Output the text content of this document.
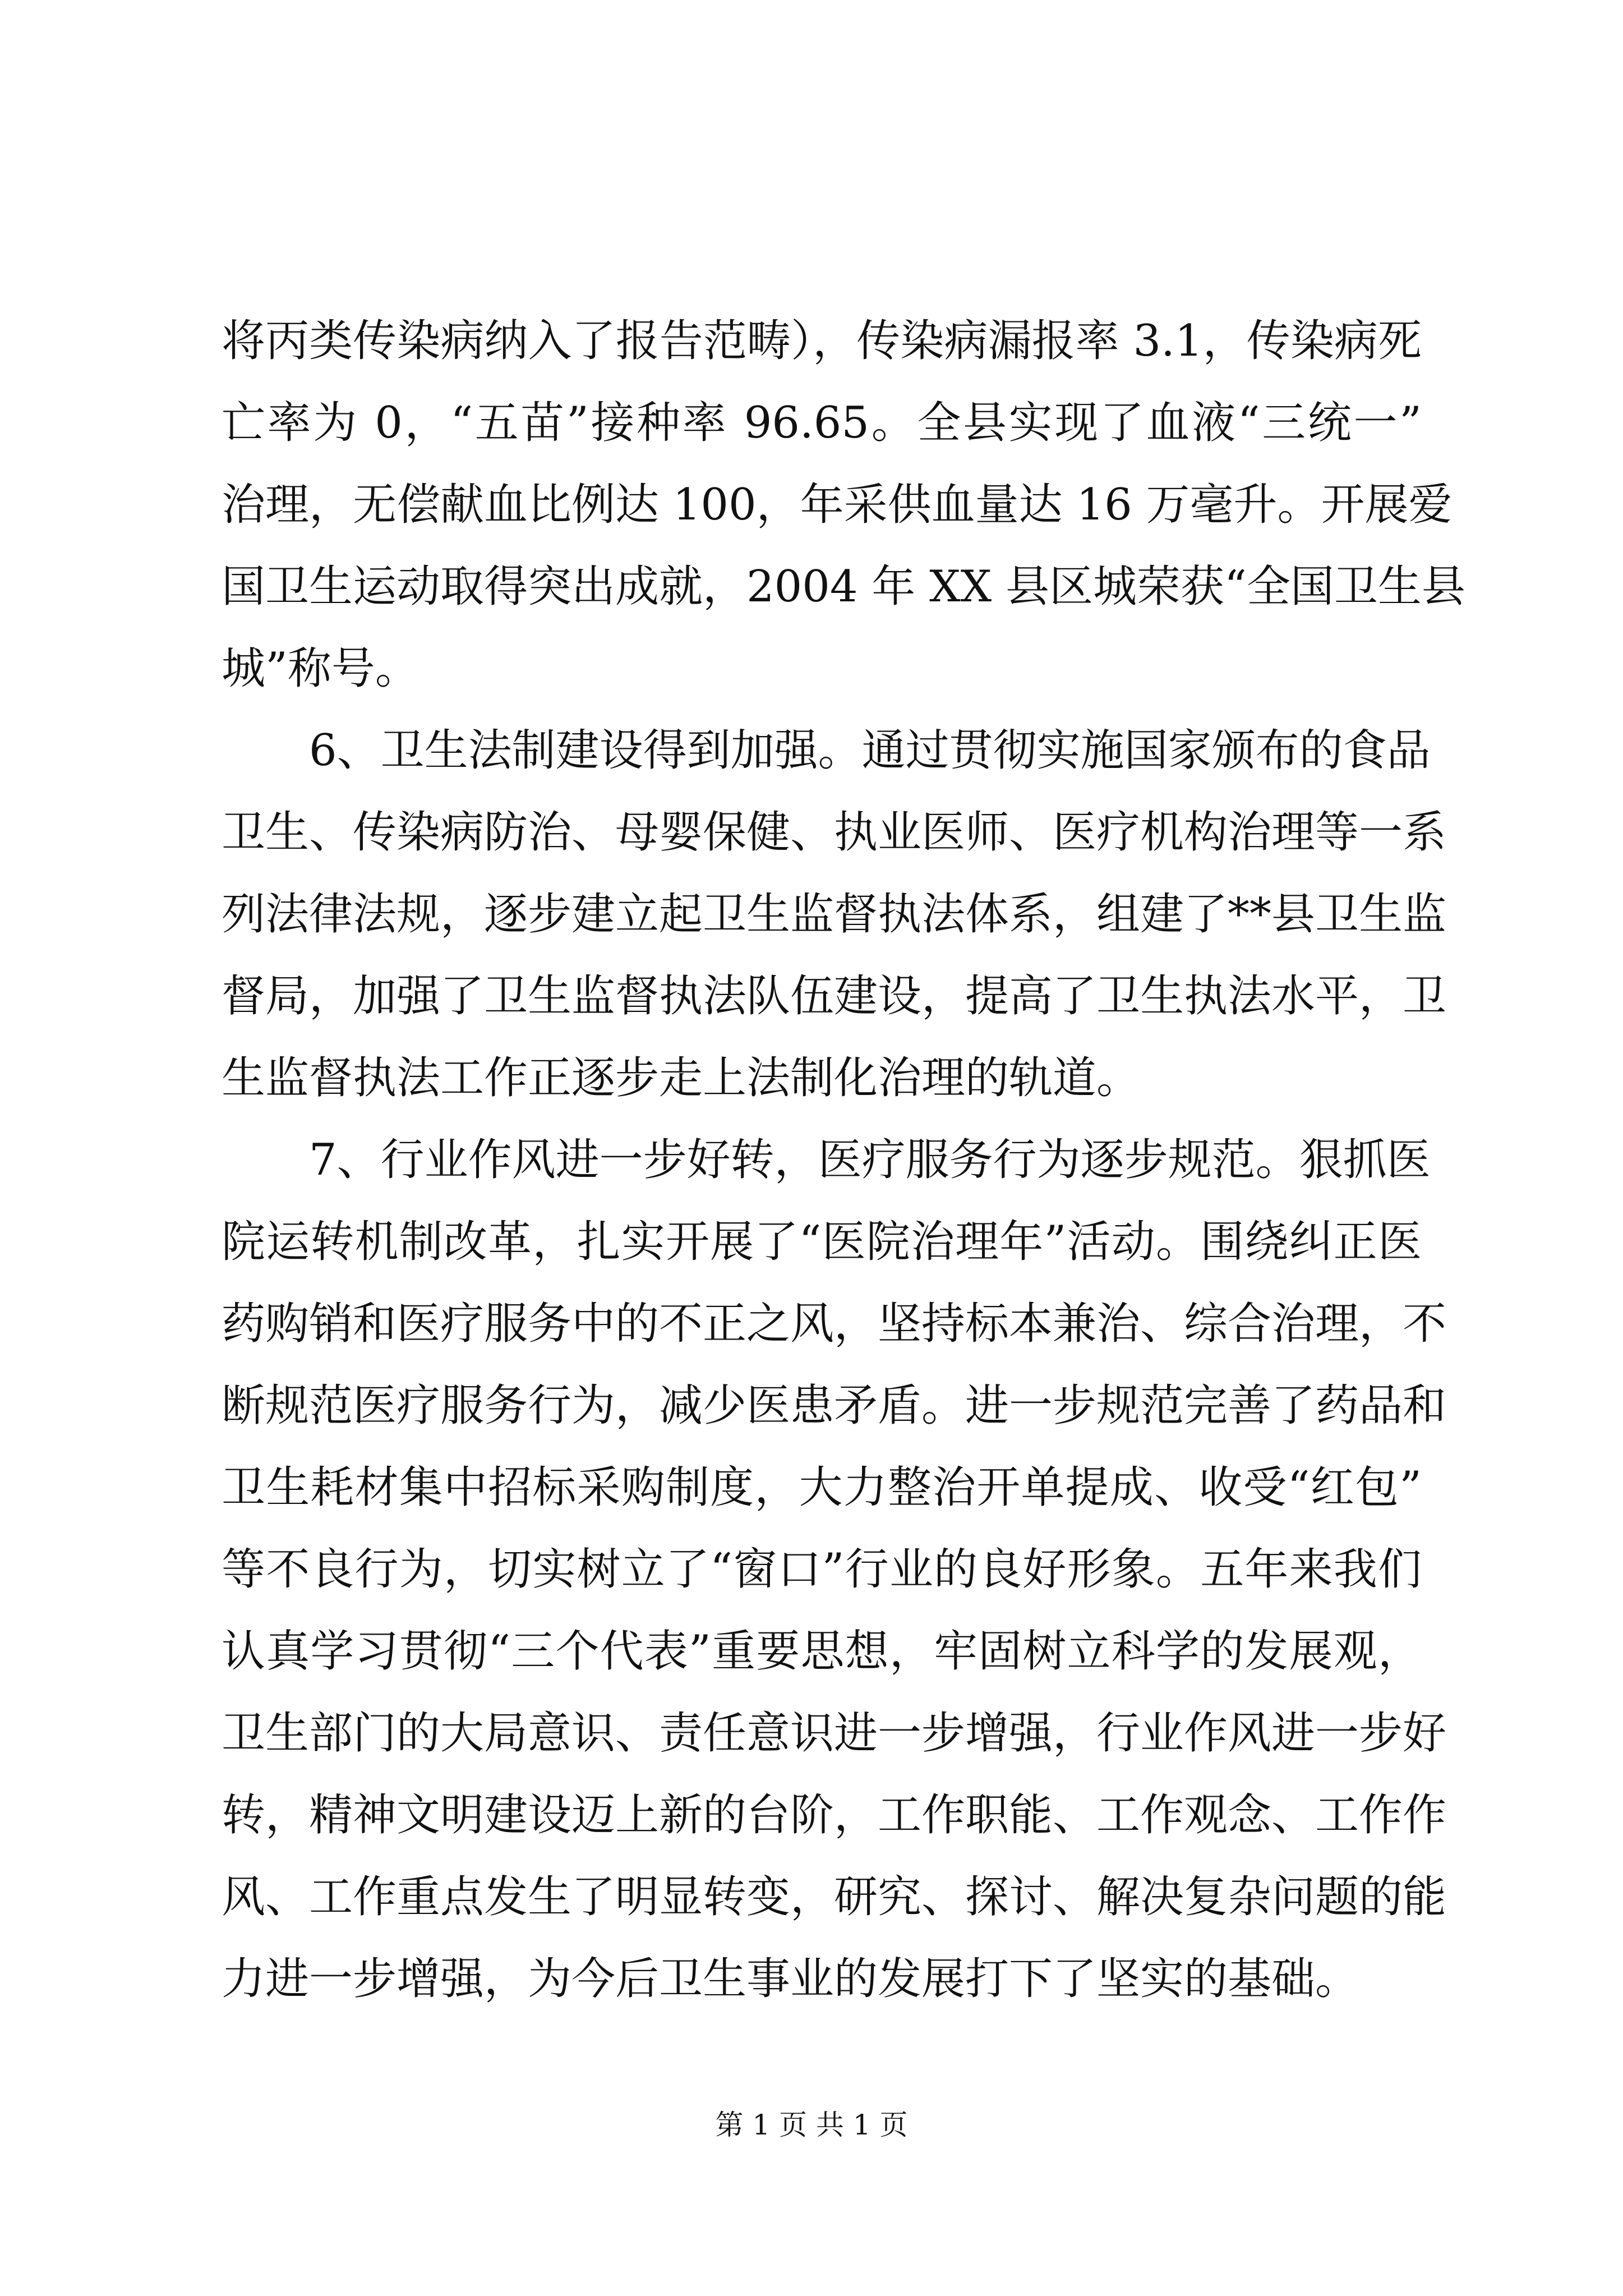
将丙类传染病纳入了报告范畴），传染病漏报率 3.1，传染病死
亡率为 0，“五苗”接种率 96.65。全县实现了血液“三统一”
治理，无偿献血比例达 100，年采供血量达 16 万毫升。开展爱
国卫生运动取得突出成就，2004 年 XX 县区城荣获“全国卫生县
城”称号。
6、卫生法制建设得到加强。通过贯彻实施国家颁布的食品
卫生、传染病防治、母婴保健、执业医师、医疗机构治理等一系
列法律法规，逐步建立起卫生监督执法体系，组建了**县卫生监
督局，加强了卫生监督执法队伍建设，提高了卫生执法水平，卫
生监督执法工作正逐步走上法制化治理的轨道。
7、行业作风进一步好转，医疗服务行为逐步规范。狠抓医
院运转机制改革，扎实开展了“医院治理年”活动。围绕纠正医
药购销和医疗服务中的不正之风，坚持标本兼治、综合治理，不
断规范医疗服务行为，减少医患矛盾。进一步规范完善了药品和
卫生耗材集中招标采购制度，大力整治开单提成、收受“红包”
等不良行为，切实树立了“窗口”行业的良好形象。五年来我们
认真学习贯彻“三个代表”重要思想，牢固树立科学的发展观，
卫生部门的大局意识、责任意识进一步增强，行业作风进一步好
转，精神文明建设迈上新的台阶，工作职能、工作观念、工作作
风、工作重点发生了明显转变，研究、探讨、解决复杂问题的能
力进一步增强，为今后卫生事业的发展打下了坚实的基础。
第 1 页 共 1 页
